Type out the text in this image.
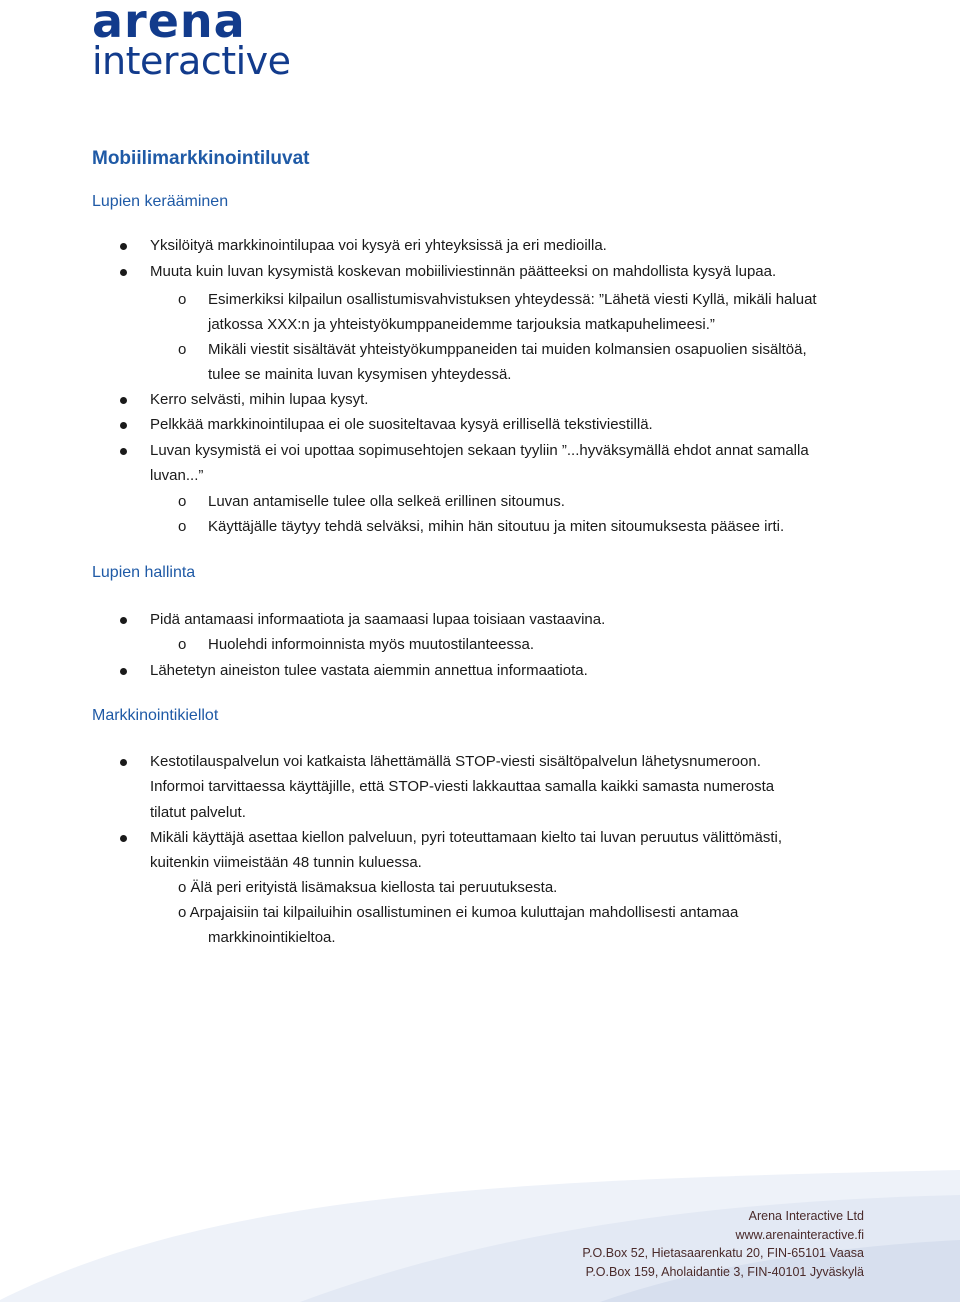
arena
interactive
Mobiilimarkkinointiluvat
Lupien kerääminen
Yksilöityä markkinointilupaa voi kysyä eri yhteyksissä ja eri medioilla.
Muuta kuin luvan kysymistä koskevan mobiiliviestinnän päätteeksi on mahdollista kysyä lupaa.
o Esimerkiksi kilpailun osallistumisvahvistuksen yhteydessä: ”Lähetä viesti Kyllä, mikäli haluat
jatkossa XXX:n ja yhteistyökumppaneidemme tarjouksia matkapuhelimeesi.”
o Mikäli viestit sisältävät yhteistyökumppaneiden tai muiden kolmansien osapuolien sisältöä,
tulee se mainita luvan kysymisen yhteydessä.
Kerro selvästi, mihin lupaa kysyt.
Pelkkää markkinointilupaa ei ole suositeltavaa kysyä erillisellä tekstiviestillä.
Luvan kysymistä ei voi upottaa sopimusehtojen sekaan tyyliin ”...hyväksymällä ehdot annat samalla
luvan...”
o Luvan antamiselle tulee olla selkeä erillinen sitoumus.
o Käyttäjälle täytyy tehdä selväksi, mihin hän sitoutuu ja miten sitoumuksesta pääsee irti.
Lupien hallinta
Pidä antamaasi informaatiota ja saamaasi lupaa toisiaan vastaavina.
o Huolehdi informoinnista myös muutostilanteessa.
Lähetetyn aineiston tulee vastata aiemmin annettua informaatiota.
Markkinointikiellot
Kestotilauspalvelun voi katkaista lähettämällä STOP-viesti sisältöpalvelun lähetysnumeroon.
Informoi tarvittaessa käyttäjille, että STOP-viesti lakkauttaa samalla kaikki samasta numerosta
tilatut palvelut.
Mikäli käyttäjä asettaa kiellon palveluun, pyri toteuttamaan kielto tai luvan peruutus välittömästi,
kuitenkin viimeistään 48 tunnin kuluessa.
o Älä peri erityistä lisämaksua kiellosta tai peruutuksesta.
o Arpajaisiin tai kilpailuihin osallistuminen ei kumoa kuluttajan mahdollisesti antamaa
markkinointikieltoa.
Arena Interactive Ltd
www.arenainteractive.fi
P.O.Box 52, Hietasaarenkatu 20, FIN-65101 Vaasa
P.O.Box 159, Aholaidantie 3, FIN-40101 Jyväskylä
